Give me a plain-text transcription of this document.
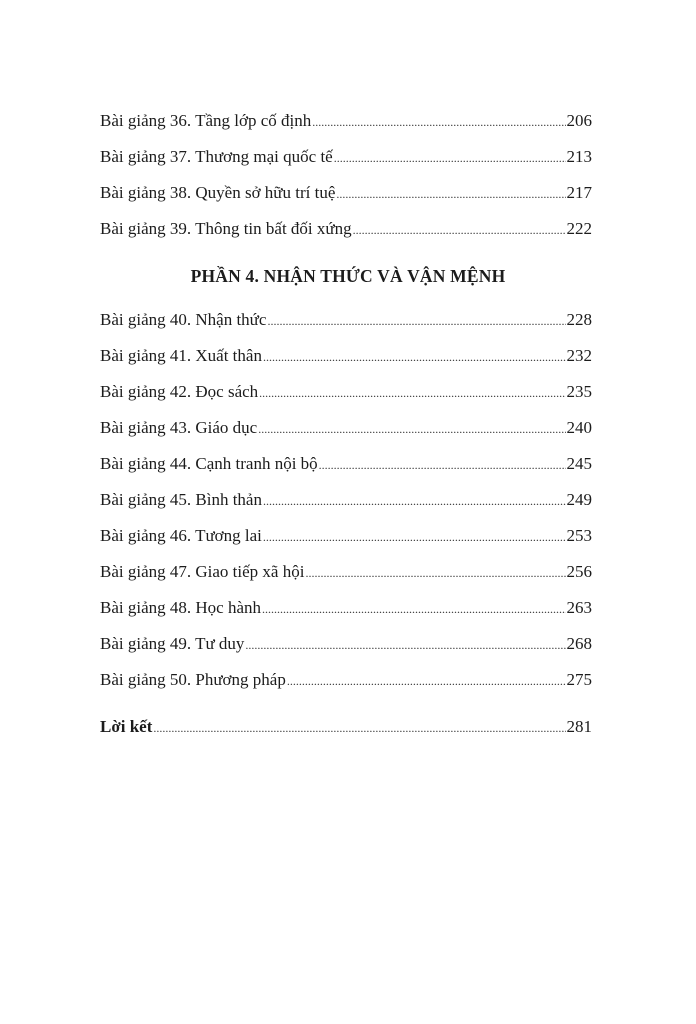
Bài giảng 36. Tầng lớp cố định .....	206
Bài giảng 37. Thương mại quốc tế .....	213
Bài giảng 38. Quyền sở hữu trí tuệ .....	217
Bài giảng 39. Thông tin bất đối xứng .....	222
PHẦN 4. NHẬN THỨC VÀ VẬN MỆNH
Bài giảng 40. Nhận thức .....	228
Bài giảng 41. Xuất thân .....	232
Bài giảng 42. Đọc sách .....	235
Bài giảng 43. Giáo dục .....	240
Bài giảng 44. Cạnh tranh nội bộ .....	245
Bài giảng 45. Bình thản .....	249
Bài giảng 46. Tương lai .....	253
Bài giảng 47. Giao tiếp xã hội .....	256
Bài giảng 48. Học hành .....	263
Bài giảng 49. Tư duy .....	268
Bài giảng 50. Phương pháp .....	275
Lời kết .....	281
